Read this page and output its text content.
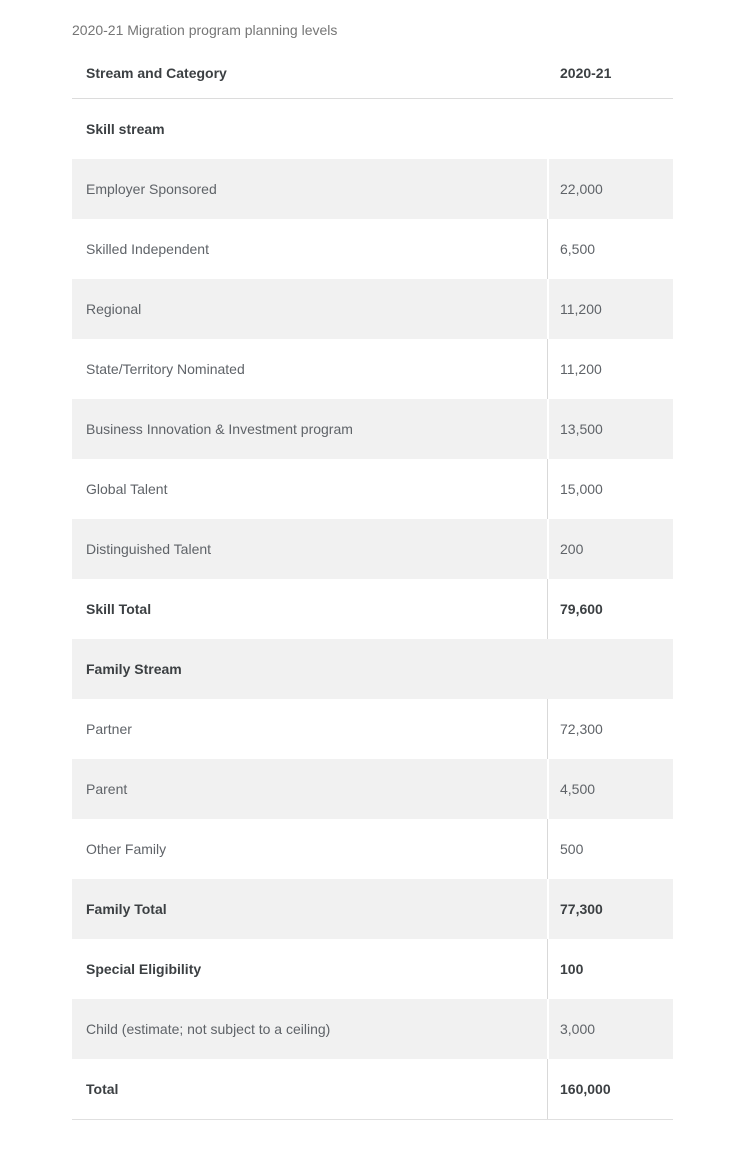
2020-21 Migration program planning levels
Stream and Category	2020-21
Skill stream
Employer Sponsored	22,000
Skilled Independent	6,500
Regional	11,200
State/Territory Nominated	11,200
Business Innovation & Investment program	13,500
Global Talent	15,000
Distinguished Talent	200
Skill Total	79,600
Family Stream
Partner	72,300
Parent	4,500
Other Family	500
Family Total	77,300
Special Eligibility	100
Child (estimate; not subject to a ceiling)	3,000
Total	160,000
